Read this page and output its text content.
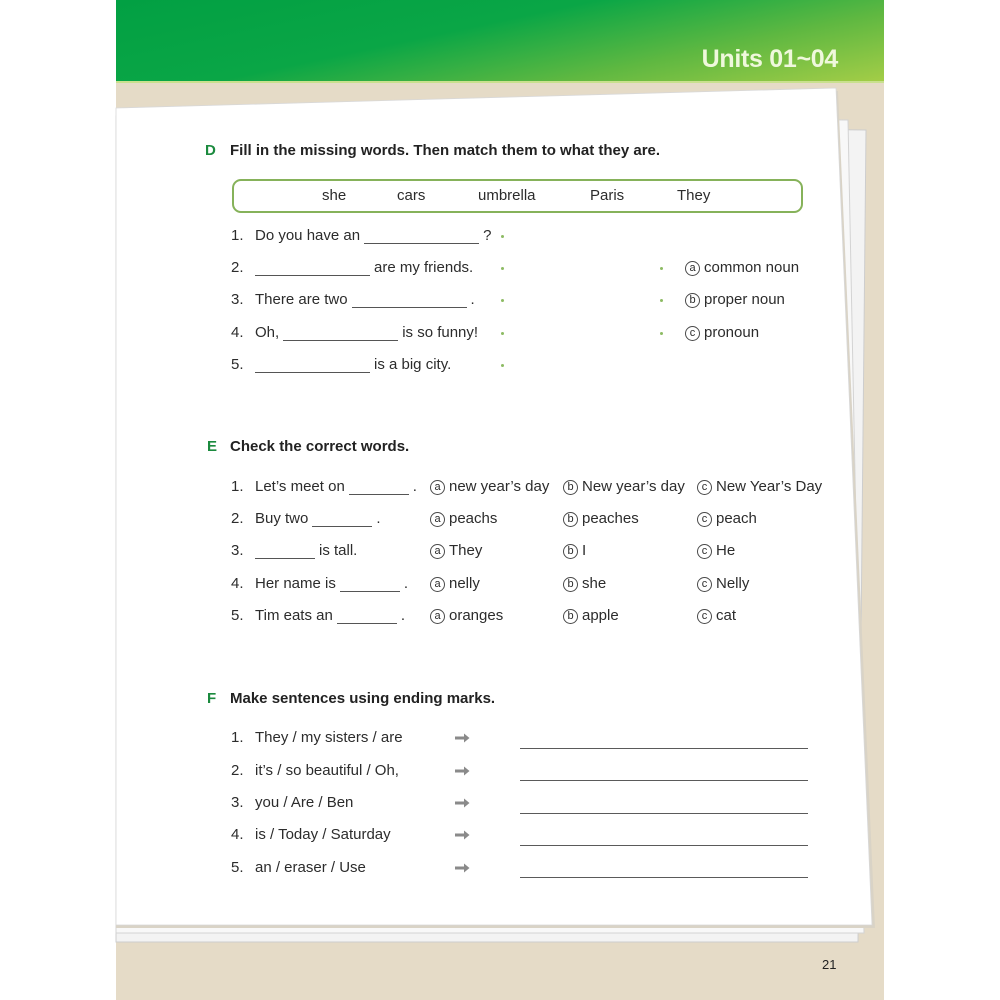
Units 01~04
D Fill in the missing words. Then match them to what they are.
she	cars	umbrella	Paris	They
1. Do you have an	?
2.	are my friends.
3. There are two	.
4. Oh,	is so funny!
5.	is a big city.
a common noun
b proper noun
c pronoun
E Check the correct words.
1. Let’s meet on	.	a new year’s day	b New year’s day	c New Year’s Day
2. Buy two	.	a peachs	b peaches	c peach
3.	is tall.	a They	b I	c He
4. Her name is	.	a nelly	b she	c Nelly
5. Tim eats an	.	a oranges	b apple	c cat
F Make sentences using ending marks.
1. They / my sisters / are
2. it’s / so beautiful / Oh,
3. you / Are / Ben
4. is / Today / Saturday
5. an / eraser / Use
21
